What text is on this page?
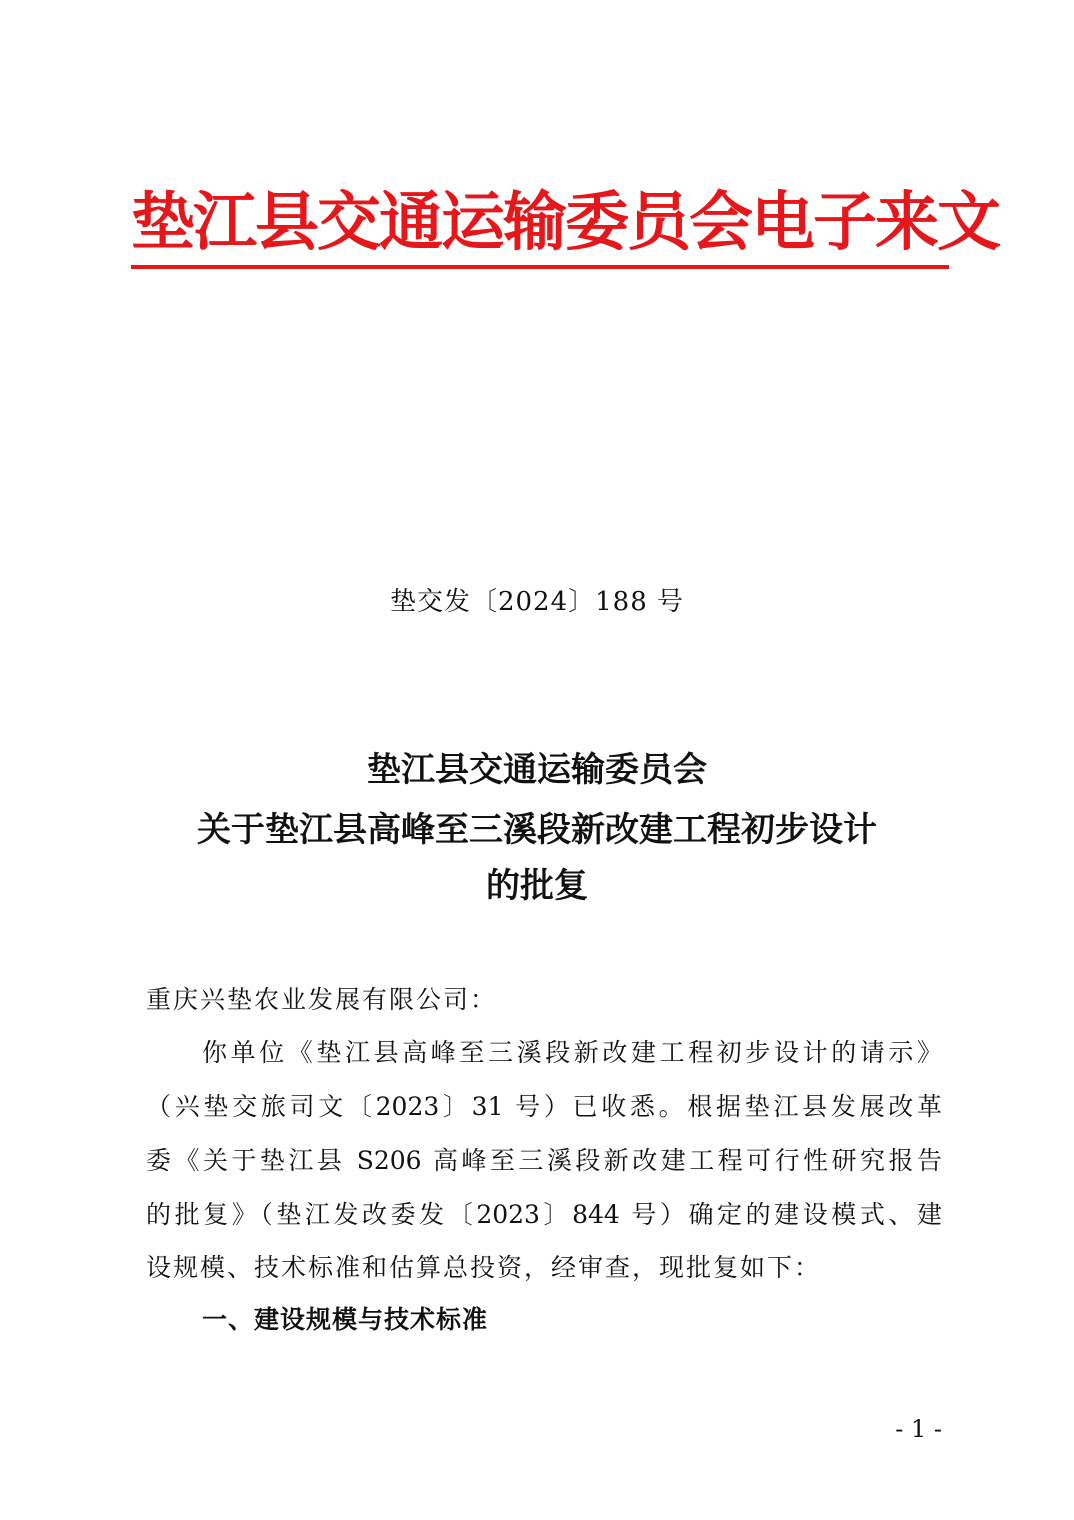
垫江县交通运输委员会电子来文
垫交发〔2024〕188 号
垫江县交通运输委员会
关于垫江县高峰至三溪段新改建工程初步设计
的批复
重庆兴垫农业发展有限公司：
你单位《垫江县高峰至三溪段新改建工程初步设计的请示》
（兴垫交旅司文〔2023〕31 号）已收悉。根据垫江县发展改革
委《关于垫江县 S206 高峰至三溪段新改建工程可行性研究报告
的批复》（垫江发改委发〔2023〕844 号）确定的建设模式、建
设规模、技术标准和估算总投资，经审查，现批复如下：
一、建设规模与技术标准
- 1 -
